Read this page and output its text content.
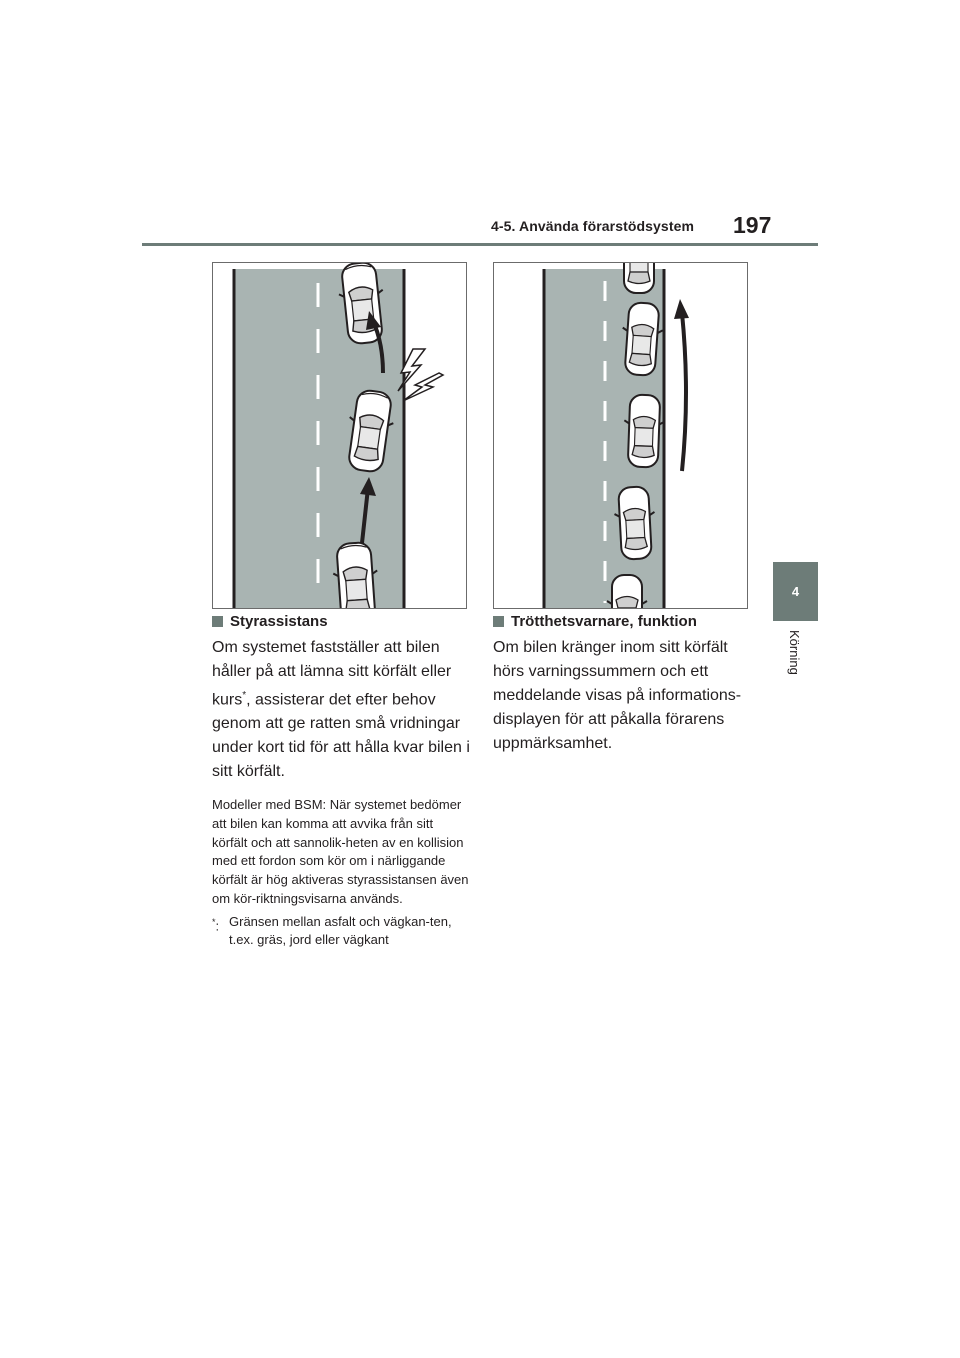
4-5. Använda förarstödsystem 197
4
Körning
Styrassistans

Om systemet fastställer att bilen håller på att lämna sitt körfält eller kurs*, assisterar det efter behov genom att ge ratten små vridningar under kort tid för att hålla kvar bilen i sitt körfält.

Modeller med BSM: När systemet bedömer att bilen kan komma att avvika från sitt körfält och att sannolik-heten av en kollision med ett fordon som kör om i närliggande körfält är hög aktiveras styrassistansen även om kör-riktningsvisarna används.

*: Gränsen mellan asfalt och vägkan-ten, t.ex. gräs, jord eller vägkant
Trötthetsvarnare, funktion

Om bilen kränger inom sitt körfält hörs varningssummern och ett meddelande visas på informations-displayen för att påkalla förarens uppmärksamhet.
